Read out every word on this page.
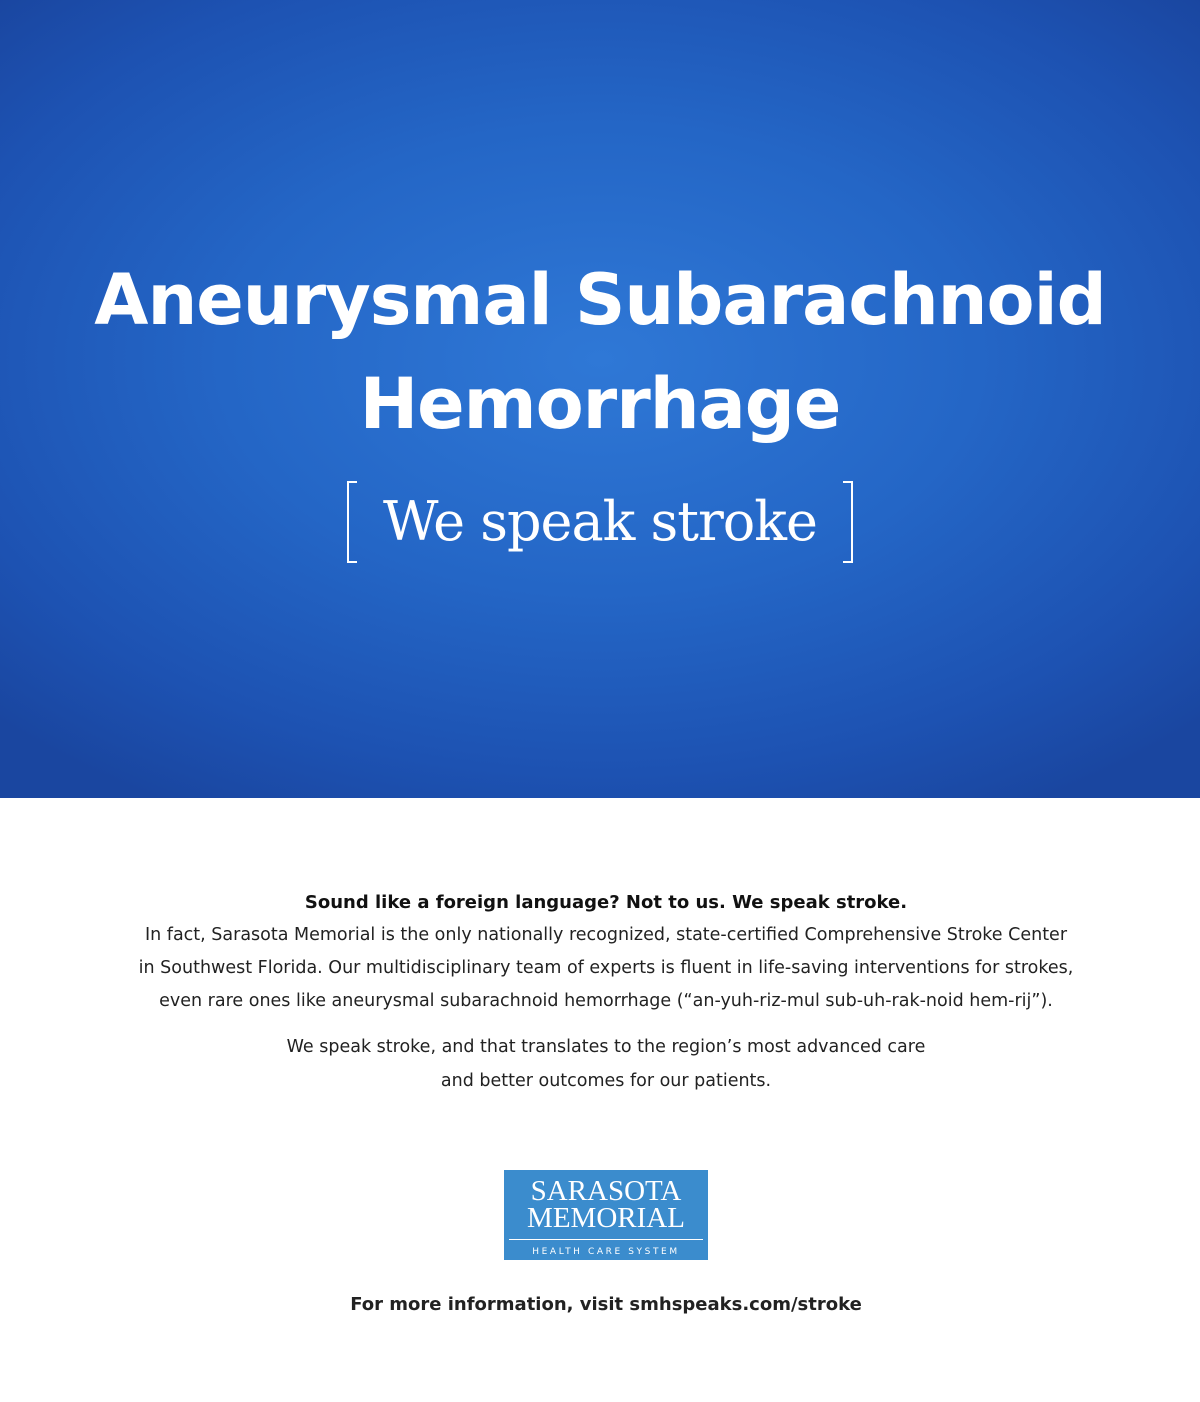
Aneurysmal Subarachnoid
Hemorrhage
We speak stroke
Sound like a foreign language? Not to us. We speak stroke.

In fact, Sarasota Memorial is the only nationally recognized, state-certified Comprehensive Stroke Center
in Southwest Florida. Our multidisciplinary team of experts is fluent in life-saving interventions for strokes,
even rare ones like aneurysmal subarachnoid hemorrhage (“an-yuh-riz-mul sub-uh-rak-noid hem-rij”).

We speak stroke, and that translates to the region’s most advanced care
and better outcomes for our patients.

SARASOTA
MEMORIAL
HEALTH CARE SYSTEM
For more information, visit smhspeaks.com/stroke
